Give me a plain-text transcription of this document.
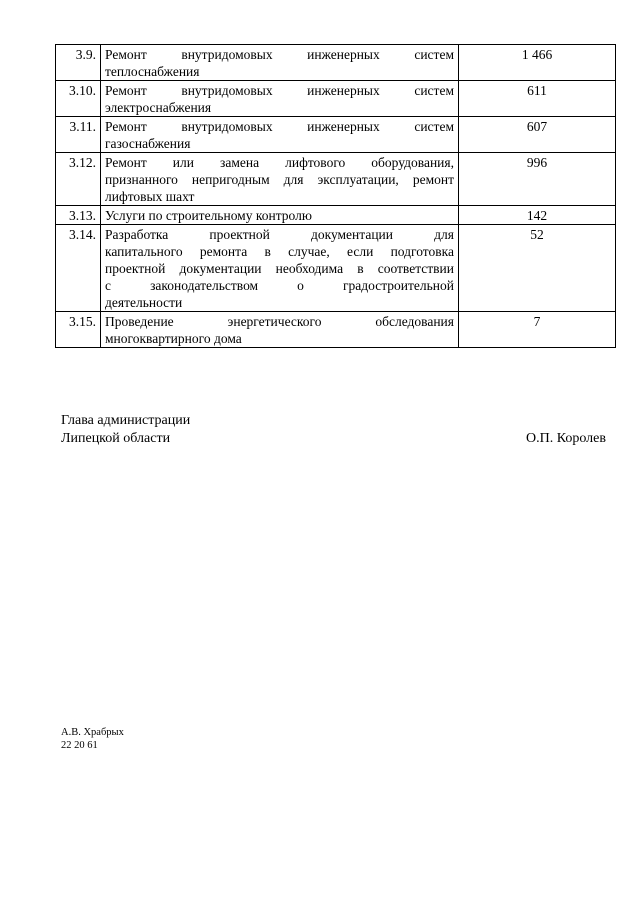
3.9.	Ремонт внутридомовых инженерных систем
теплоснабжения	1 466
3.10.	Ремонт внутридомовых инженерных систем
электроснабжения	611
3.11.	Ремонт внутридомовых инженерных систем
газоснабжения	607
3.12.	Ремонт или замена лифтового оборудования,
признанного непригодным для эксплуатации, ремонт
лифтовых шахт	996
3.13.	Услуги по строительному контролю	142
3.14.	Разработка проектной документации для
капитального ремонта в случае, если подготовка
проектной документации необходима в соответствии
с законодательством о градостроительной
деятельности	52
3.15.	Проведение энергетического обследования
многоквартирного дома	7
Глава администрации
Липецкой области	О.П. Королев
А.В. Храбрых
22 20 61
